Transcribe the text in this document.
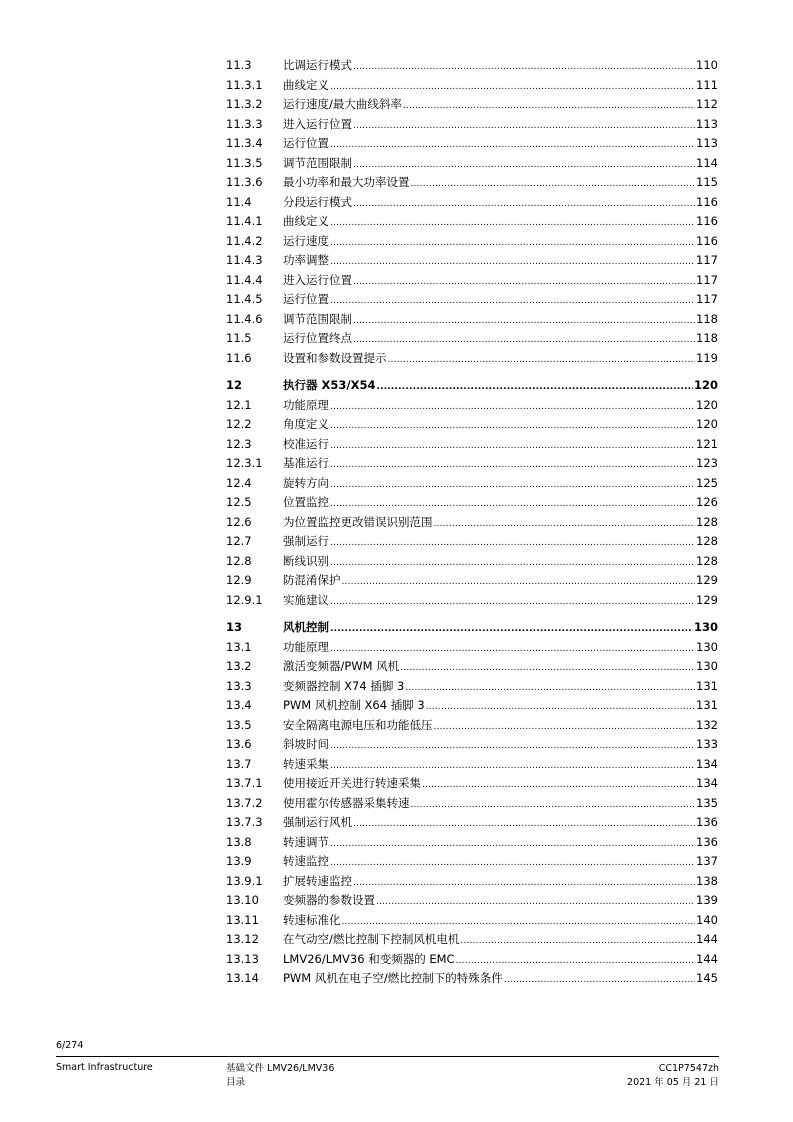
11.3	比调运行模式 .....	110
11.3.1	曲线定义 .....	111
11.3.2	运行速度/最大曲线斜率 .....	112
11.3.3	进入运行位置 .....	113
11.3.4	运行位置 .....	113
11.3.5	调节范围限制 .....	114
11.3.6	最小功率和最大功率设置 .....	115
11.4	分段运行模式 .....	116
11.4.1	曲线定义 .....	116
11.4.2	运行速度 .....	116
11.4.3	功率调整 .....	117
11.4.4	进入运行位置 .....	117
11.4.5	运行位置 .....	117
11.4.6	调节范围限制 .....	118
11.5	运行位置终点 .....	118
11.6	设置和参数设置提示 .....	119
12	执行器 X53/X54 .....	120
12.1	功能原理 .....	120
12.2	角度定义 .....	120
12.3	校准运行 .....	121
12.3.1	基准运行 .....	123
12.4	旋转方向 .....	125
12.5	位置监控 .....	126
12.6	为位置监控更改错误识别范围 .....	128
12.7	强制运行 .....	128
12.8	断线识别 .....	128
12.9	防混淆保护 .....	129
12.9.1	实施建议 .....	129
13	风机控制 .....	130
13.1	功能原理 .....	130
13.2	激活变频器/PWM 风机 .....	130
13.3	变频器控制 X74 插脚 3 .....	131
13.4	PWM 风机控制 X64 插脚 3 .....	131
13.5	安全隔离电源电压和功能低压 .....	132
13.6	斜坡时间 .....	133
13.7	转速采集 .....	134
13.7.1	使用接近开关进行转速采集 .....	134
13.7.2	使用霍尔传感器采集转速 .....	135
13.7.3	强制运行风机 .....	136
13.8	转速调节 .....	136
13.9	转速监控 .....	137
13.9.1	扩展转速监控 .....	138
13.10	变频器的参数设置 .....	139
13.11	转速标准化 .....	140
13.12	在气动空/燃比控制下控制风机电机 .....	144
13.13	LMV26/LMV36 和变频器的 EMC .....	144
13.14	PWM 风机在电子空/燃比控制下的特殊条件 .....	145
6/274
Smart Infrastructure	基础文件 LMV26/LMV36
目录
CC1P7547zh
2021 年 05 月 21 日
